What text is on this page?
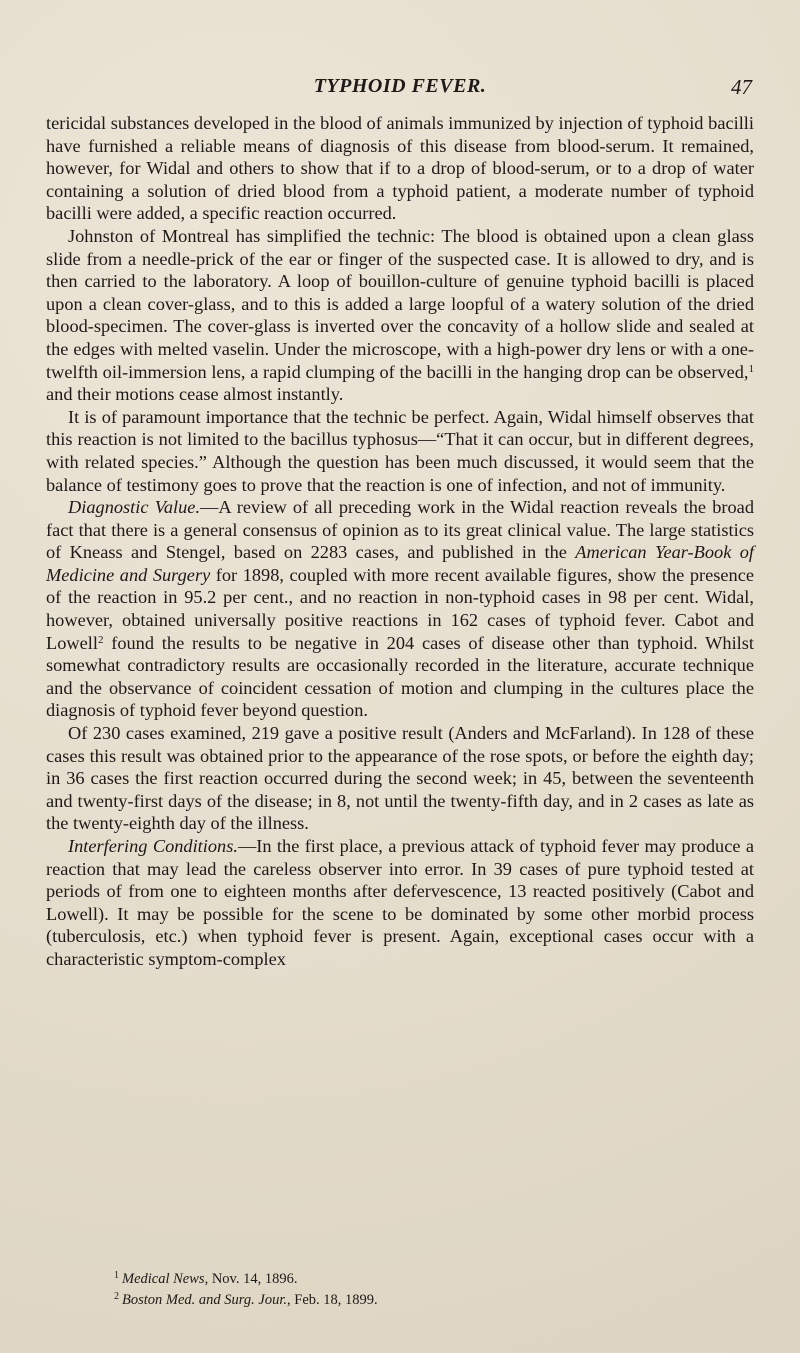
TYPHOID FEVER.	47

tericidal substances developed in the blood of animals immunized by injection of typhoid bacilli have furnished a reliable means of diagnosis of this disease from blood-serum. It remained, however, for Widal and others to show that if to a drop of blood-serum, or to a drop of water containing a solution of dried blood from a typhoid patient, a moderate number of typhoid bacilli were added, a specific reaction occurred.

Johnston of Montreal has simplified the technic: The blood is obtained upon a clean glass slide from a needle-prick of the ear or finger of the suspected case. It is allowed to dry, and is then carried to the laboratory. A loop of bouillon-culture of genuine typhoid bacilli is placed upon a clean cover-glass, and to this is added a large loopful of a watery solution of the dried blood-specimen. The cover-glass is inverted over the concavity of a hollow slide and sealed at the edges with melted vaselin. Under the microscope, with a high-power dry lens or with a one-twelfth oil-immersion lens, a rapid clumping of the bacilli in the hanging drop can be observed,$^1$ and their motions cease almost instantly.

It is of paramount importance that the technic be perfect. Again, Widal himself observes that this reaction is not limited to the bacillus typhosus—“That it can occur, but in different degrees, with related species.” Although the question has been much discussed, it would seem that the balance of testimony goes to prove that the reaction is one of infection, and not of immunity.

Diagnostic Value.—A review of all preceding work in the Widal reaction reveals the broad fact that there is a general consensus of opinion as to its great clinical value. The large statistics of Kneass and Stengel, based on 2283 cases, and published in the American Year-Book of Medicine and Surgery for 1898, coupled with more recent available figures, show the presence of the reaction in 95.2 per cent., and no reaction in non-typhoid cases in 98 per cent. Widal, however, obtained universally positive reactions in 162 cases of typhoid fever. Cabot and Lowell$^2$ found the results to be negative in 204 cases of disease other than typhoid. Whilst somewhat contradictory results are occasionally recorded in the literature, accurate technique and the observance of coincident cessation of motion and clumping in the cultures place the diagnosis of typhoid fever beyond question.

Of 230 cases examined, 219 gave a positive result (Anders and McFarland). In 128 of these cases this result was obtained prior to the appearance of the rose spots, or before the eighth day; in 36 cases the first reaction occurred during the second week; in 45, between the seventeenth and twenty-first days of the disease; in 8, not until the twenty-fifth day, and in 2 cases as late as the twenty-eighth day of the illness.

Interfering Conditions.—In the first place, a previous attack of typhoid fever may produce a reaction that may lead the careless observer into error. In 39 cases of pure typhoid tested at periods of from one to eighteen months after defervescence, 13 reacted positively (Cabot and Lowell). It may be possible for the scene to be dominated by some other morbid process (tuberculosis, etc.) when typhoid fever is present. Again, exceptional cases occur with a characteristic symptom-complex

$^1$ Medical News, Nov. 14, 1896.

$^2$ Boston Med. and Surg. Jour., Feb. 18, 1899.
